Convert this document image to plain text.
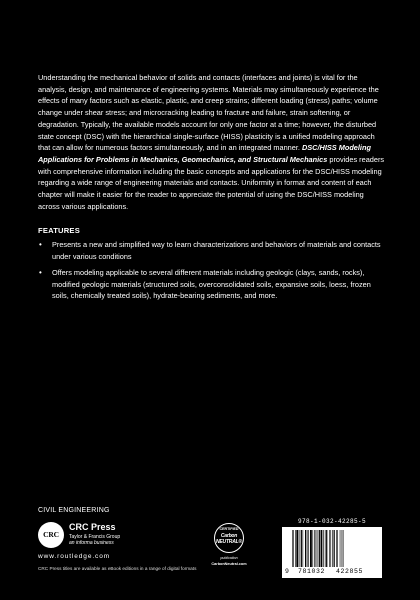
Understanding the mechanical behavior of solids and contacts (interfaces and joints) is vital for the analysis, design, and maintenance of engineering systems. Materials may simultaneously experience the effects of many factors such as elastic, plastic, and creep strains; different loading (stress) paths; volume change under shear stress; and microcracking leading to fracture and failure, strain softening, or degradation. Typically, the available models account for only one factor at a time; however, the disturbed state concept (DSC) with the hierarchical single-surface (HISS) plasticity is a unified modeling approach that can allow for numerous factors simultaneously, and in an integrated manner. DSC/HISS Modeling Applications for Problems in Mechanics, Geomechanics, and Structural Mechanics provides readers with comprehensive information including the basic concepts and applications for the DSC/HISS modeling regarding a wide range of engineering materials and contacts. Uniformity in format and content of each chapter will make it easier for the reader to appreciate the potential of using the DSC/HISS modeling across various applications.

FEATURES
• Presents a new and simplified way to learn characterizations and behaviors of materials and contacts under various conditions
• Offers modeling applicable to several different materials including geologic (clays, sands, rocks), modified geologic materials (structured soils, overconsolidated soils, expansive soils, loess, frozen soils, chemically treated soils), hydrate-bearing sediments, and more.
CIVIL ENGINEERING
CRC
CRC Press
Taylor & Francis Group
an informa business
www.routledge.com
CRC Press titles are available as eBook editions in a range of digital formats
CERTIFIED
Carbon
NEUTRAL®
publication
CarbonNeutral.com
978-1-032-42285-5
9 781032 422855
